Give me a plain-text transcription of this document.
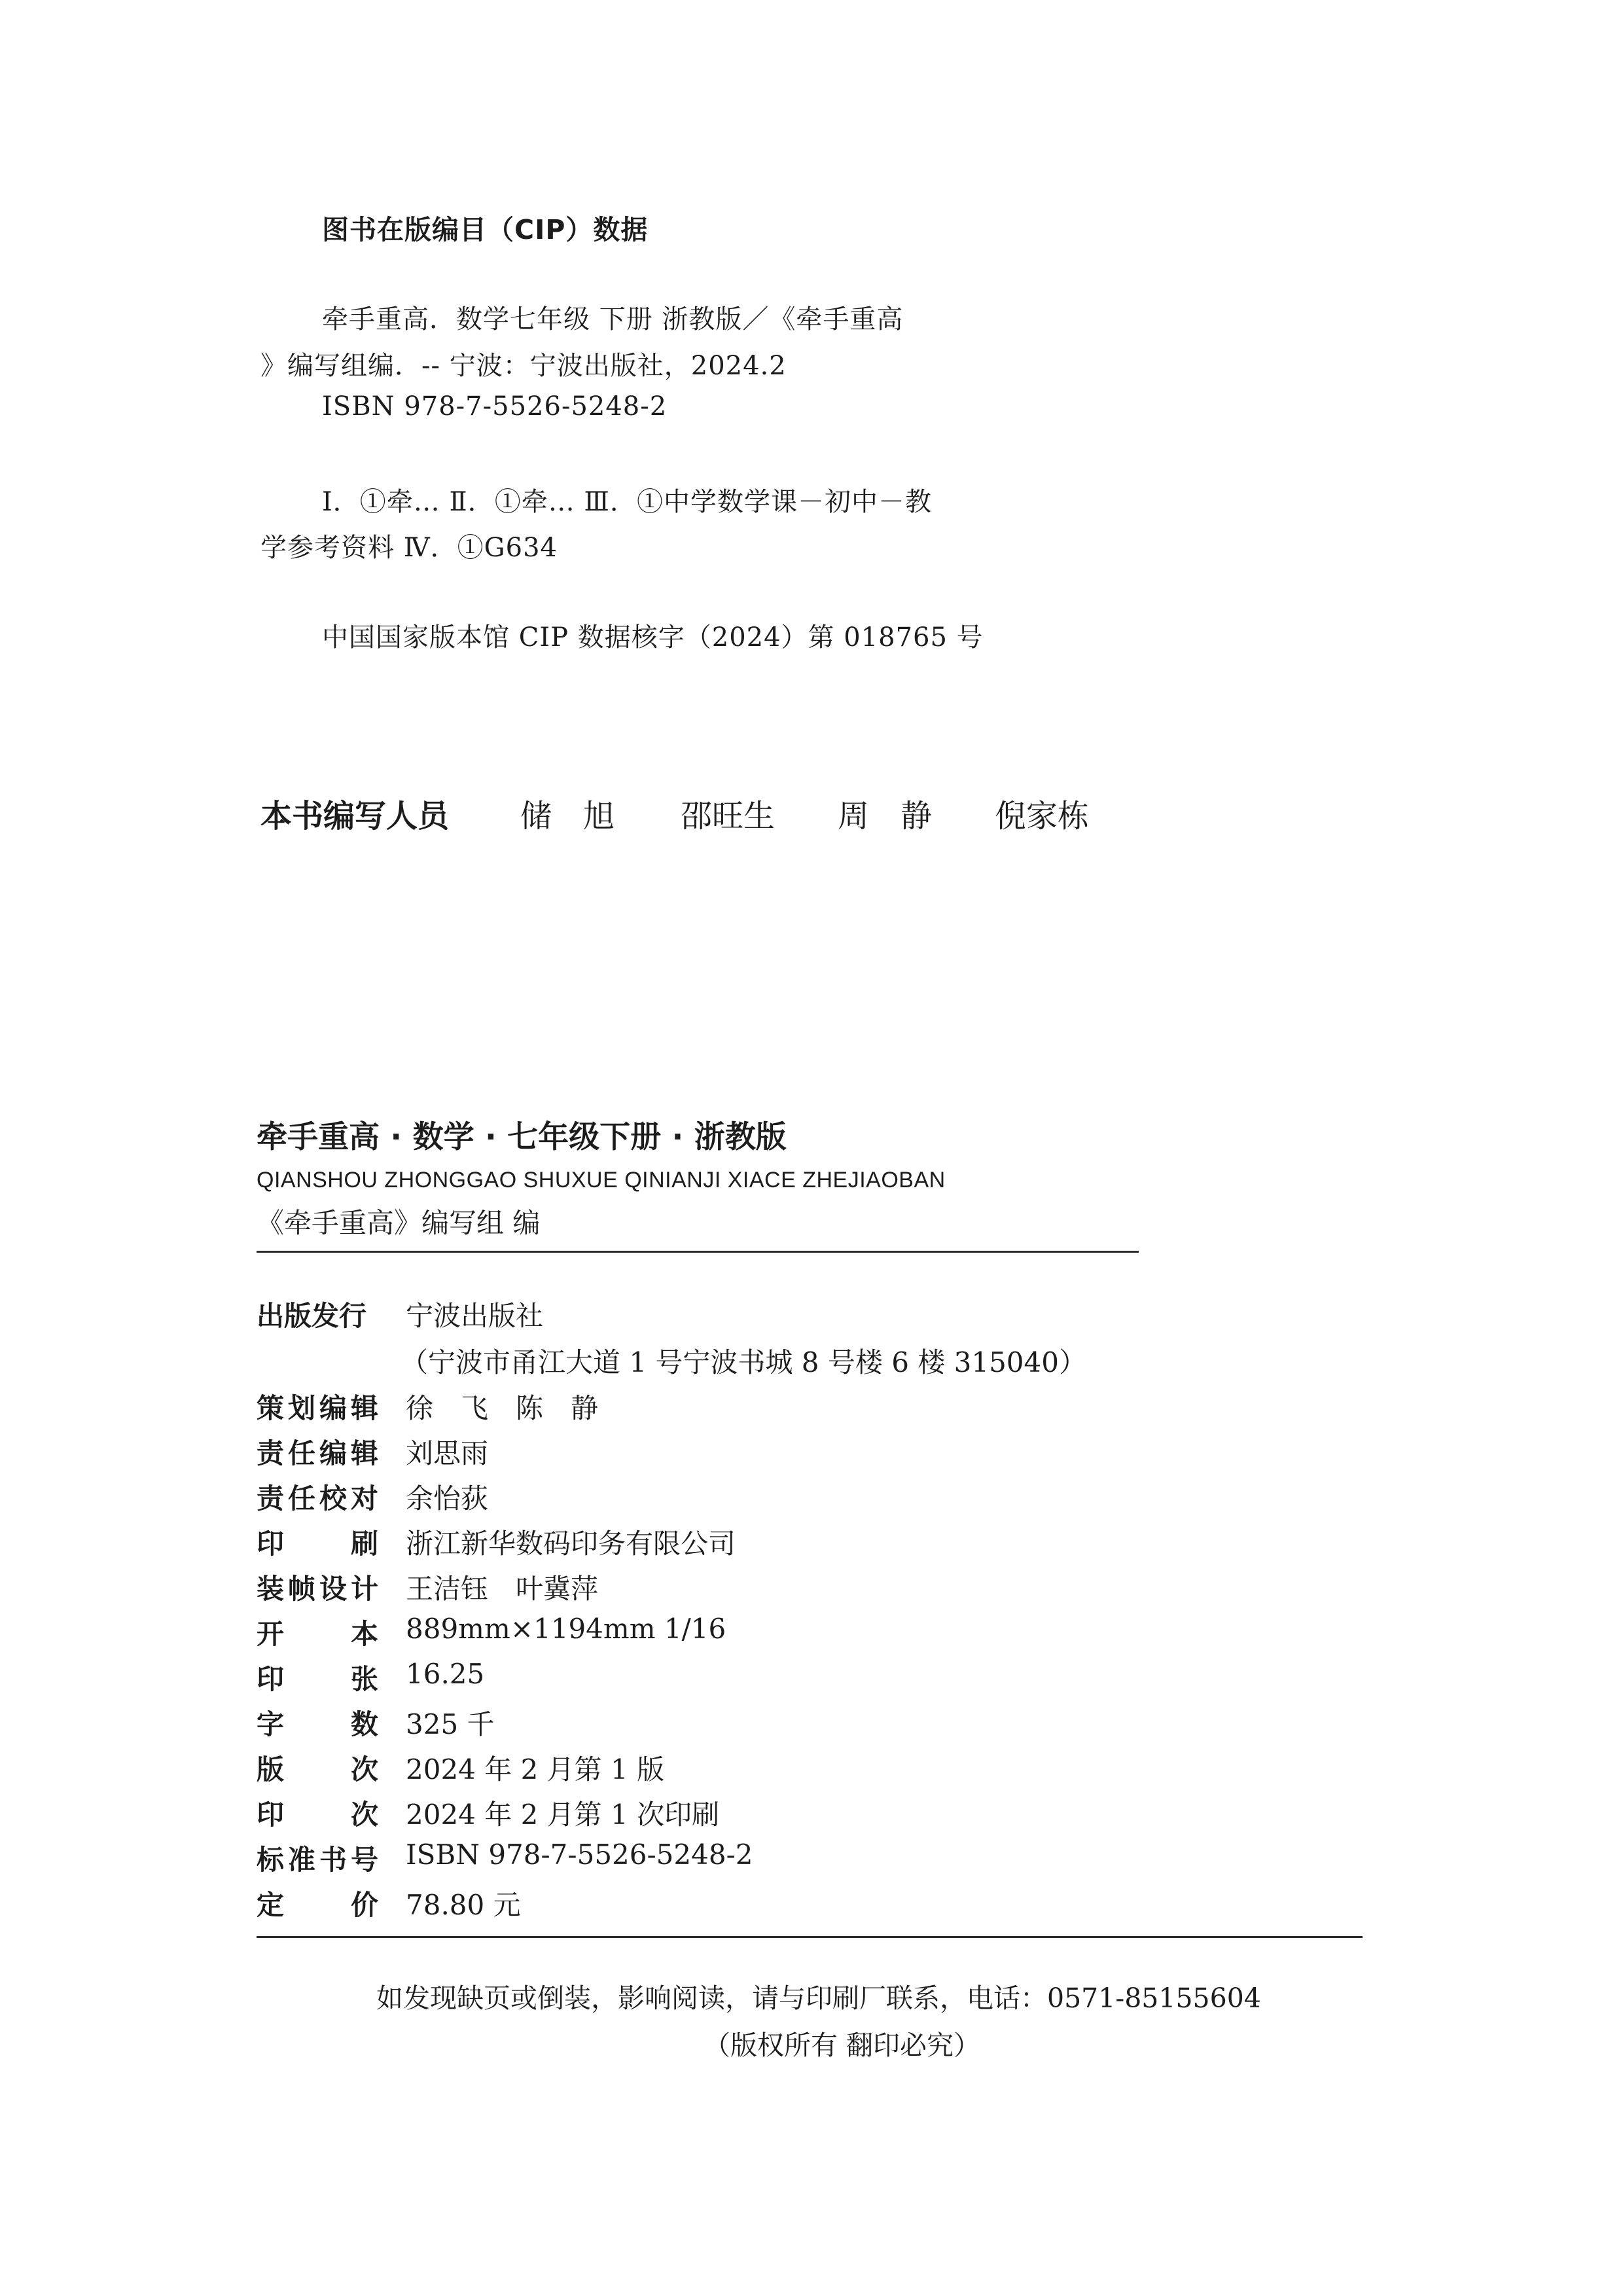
图书在版编目（CIP）数据
牵手重高．数学七年级 下册 浙教版／《牵手重高
》编写组编．-- 宁波：宁波出版社，2024.2
ISBN 978-7-5526-5248-2
Ⅰ．①牵… Ⅱ．①牵… Ⅲ．①中学数学课－初中－教
学参考资料 Ⅳ．①G634
中国国家版本馆 CIP 数据核字（2024）第 018765 号
本书编写人员 储　旭 邵旺生 周　静 倪家栋
牵手重高 · 数学 · 七年级下册 · 浙教版
QIANSHOU ZHONGGAO SHUXUE QINIANJI XIACE ZHEJIAOBAN
《牵手重高》编写组 编
出版发行 宁波出版社
（宁波市甬江大道 1 号宁波书城 8 号楼 6 楼 315040）
策 划 编 辑 徐　飞　陈　静
责 任 编 辑 刘思雨
责 任 校 对 余怡荻
印 刷 浙江新华数码印务有限公司
装 帧 设 计 王洁钰　叶冀萍
开 本 889mm×1194mm 1/16
印 张 16.25
字 数 325 千
版 次 2024 年 2 月第 1 版
印 次 2024 年 2 月第 1 次印刷
标 准 书 号 ISBN 978-7-5526-5248-2
定 价 78.80 元
如发现缺页或倒装，影响阅读，请与印刷厂联系，电话：0571-85155604
（版权所有 翻印必究）
